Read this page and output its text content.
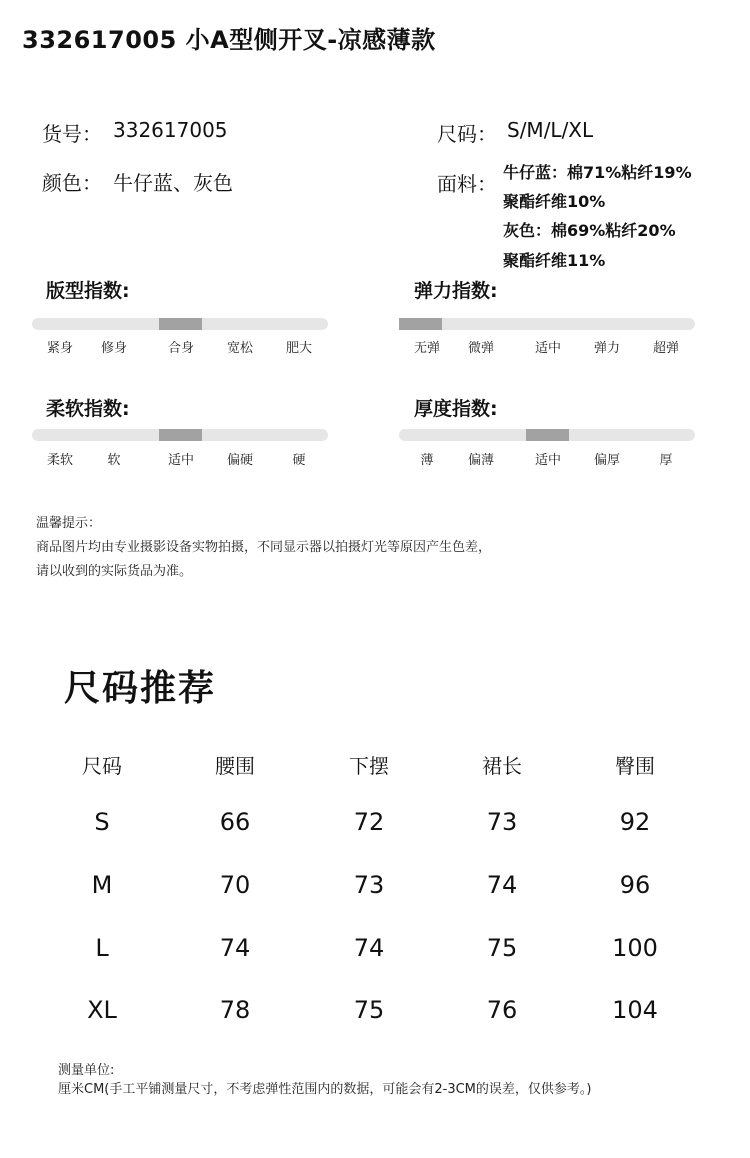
332617005 小A型侧开叉-凉感薄款
货号： 332617005	尺码： S/M/L/XL
颜色： 牛仔蓝、灰色	面料： 牛仔蓝：棉71%粘纤19%
聚酯纤维10%
灰色：棉69%粘纤20%
聚酯纤维11%
版型指数:
紧身 修身	合身	宽松	肥大
弹力指数:
无弹 微弹	适中	弹力	超弹
柔软指数:
柔软	软	适中	偏硬	硬
厚度指数:
薄	偏薄	适中	偏厚	厚
温馨提示：
商品图片均由专业摄影设备实物拍摄，不同显示器以拍摄灯光等原因产生色差，
请以收到的实际货品为准。
尺码推荐
尺码	腰围	下摆	裙长	臀围
S	66	72	73	92
M	70	73	74	96
L	74	74	75	100
XL	78	75	76	104
测量单位:
厘米CM(手工平铺测量尺寸，不考虑弹性范围内的数据，可能会有2-3CM的误差，仅供参考。)
